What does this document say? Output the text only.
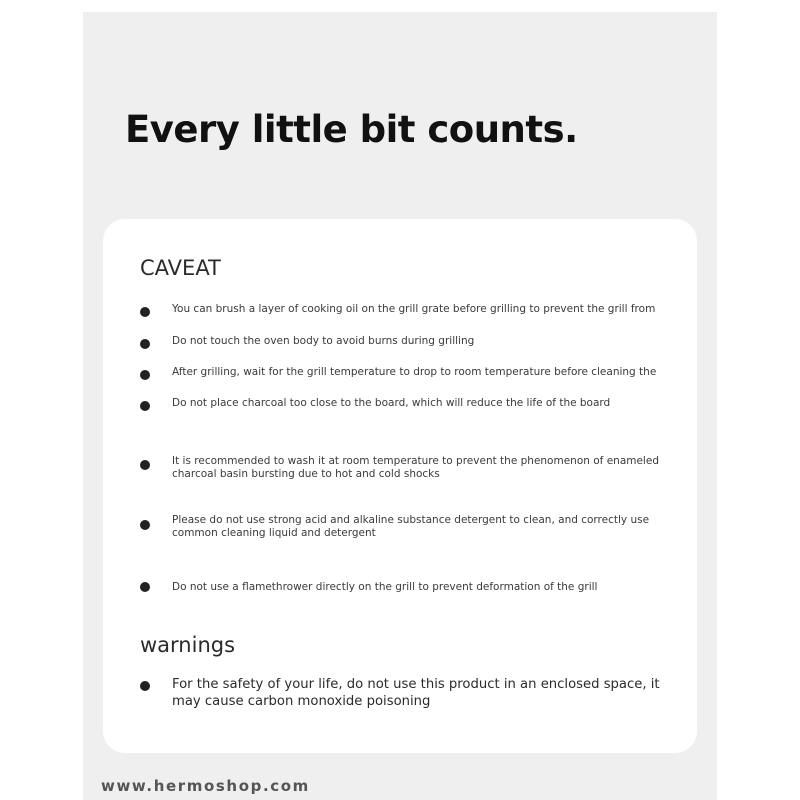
Every little bit counts.
CAVEAT
You can brush a layer of cooking oil on the grill grate before grilling to prevent the grill from
Do not touch the oven body to avoid burns during grilling
After grilling, wait for the grill temperature to drop to room temperature before cleaning the
Do not place charcoal too close to the board, which will reduce the life of the board
It is recommended to wash it at room temperature to prevent the phenomenon of enameled charcoal basin bursting due to hot and cold shocks
Please do not use strong acid and alkaline substance detergent to clean, and correctly use common cleaning liquid and detergent
Do not use a flamethrower directly on the grill to prevent deformation of the grill
warnings
For the safety of your life, do not use this product in an enclosed space, it may cause carbon monoxide poisoning

www.hermoshop.com
